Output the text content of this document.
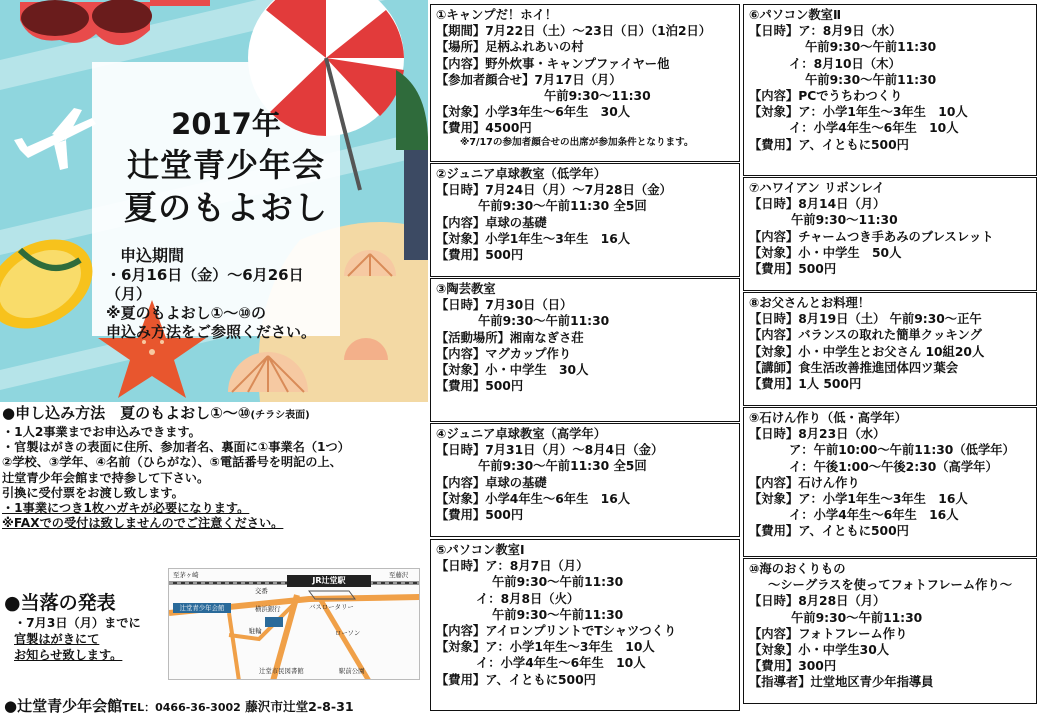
2017年
辻堂青少年会
夏のもよおし
申込期間
・6月16日（金）～6月26日（月）
※夏のもよおし①～⑩の
申込み方法をご参照ください。
●申し込み方法　夏のもよおし①～⑩(チラシ表面)
・1人2事業までお申込みできます。
・官製はがきの表面に住所、参加者名、裏面に①事業名（1つ）
②学校、③学年、④名前（ひらがな）、⑤電話番号を明記の上、
辻堂青少年会館まで持参して下さい。
引換に受付票をお渡し致します。
・1事業につき1枚ハガキが必要になります。
※FAXでの受付は致しませんのでご注意ください。
●当落の発表
・7月3日（月）までに
官製はがきにて
お知らせ致します。
JR辻堂駅
辻堂青少年会館
至茅ヶ崎	至藤沢
交番
バスロータリー
横浜銀行
ローソン
駐輪
辻堂市民図書館	駅前公園
●辻堂青少年会館TEL：0466-36-3002 藤沢市辻堂2-8-31
①キャンプだ！ホイ！
【期間】7月22日（土）～23日（日）（1泊2日）
【場所】足柄ふれあいの村
【内容】野外炊事・キャンプファイヤー他
【参加者顔合せ】7月17日（月）
午前9:30～11:30
【対象】小学3年生～6年生　30人
【費用】4500円
※7/17の参加者顔合せの出席が参加条件となります。
②ジュニア卓球教室（低学年）
【日時】7月24日（月）～7月28日（金）
午前9:30～午前11:30 全5回
【内容】卓球の基礎
【対象】小学1年生～3年生　16人
【費用】500円
③陶芸教室
【日時】7月30日（日）
午前9:30～午前11:30
【活動場所】湘南なぎさ荘
【内容】マグカップ作り
【対象】小・中学生　30人
【費用】500円
④ジュニア卓球教室（高学年）
【日時】7月31日（月）～8月4日（金）
午前9:30～午前11:30 全5回
【内容】卓球の基礎
【対象】小学4年生～6年生　16人
【費用】500円
⑤パソコン教室Ⅰ
【日時】ア：8月7日（月）
午前9:30～午前11:30
イ：8月8日（火）
午前9:30～午前11:30
【内容】アイロンプリントでTシャツつくり
【対象】ア：小学1年生～3年生　10人
イ：小学4年生～6年生　10人
【費用】ア、イともに500円
⑥パソコン教室Ⅱ
【日時】ア：8月9日（水）
午前9:30～午前11:30
イ：8月10日（木）
午前9:30～午前11:30
【内容】PCでうちわつくり
【対象】ア：小学1年生～3年生　10人
イ：小学4年生～6年生　10人
【費用】ア、イともに500円
⑦ハワイアン リボンレイ
【日時】8月14日（月）
午前9:30～11:30
【内容】チャームつき手あみのブレスレット
【対象】小・中学生　50人
【費用】500円
⑧お父さんとお料理！
【日時】8月19日（土） 午前9:30～正午
【内容】バランスの取れた簡単クッキング
【対象】小・中学生とお父さん 10組20人
【講師】食生活改善推進団体四ツ葉会
【費用】1人 500円
⑨石けん作り（低・高学年）
【日時】8月23日（水）
ア：午前10:00～午前11:30（低学年）
イ：午後1:00～午後2:30（高学年）
【内容】石けん作り
【対象】ア：小学1年生～3年生　16人
イ：小学4年生～6年生　16人
【費用】ア、イともに500円
⑩海のおくりもの
～シーグラスを使ってフォトフレーム作り～
【日時】8月28日（月）
午前9:30～午前11:30
【内容】フォトフレーム作り
【対象】小・中学生30人
【費用】300円
【指導者】辻堂地区青少年指導員
